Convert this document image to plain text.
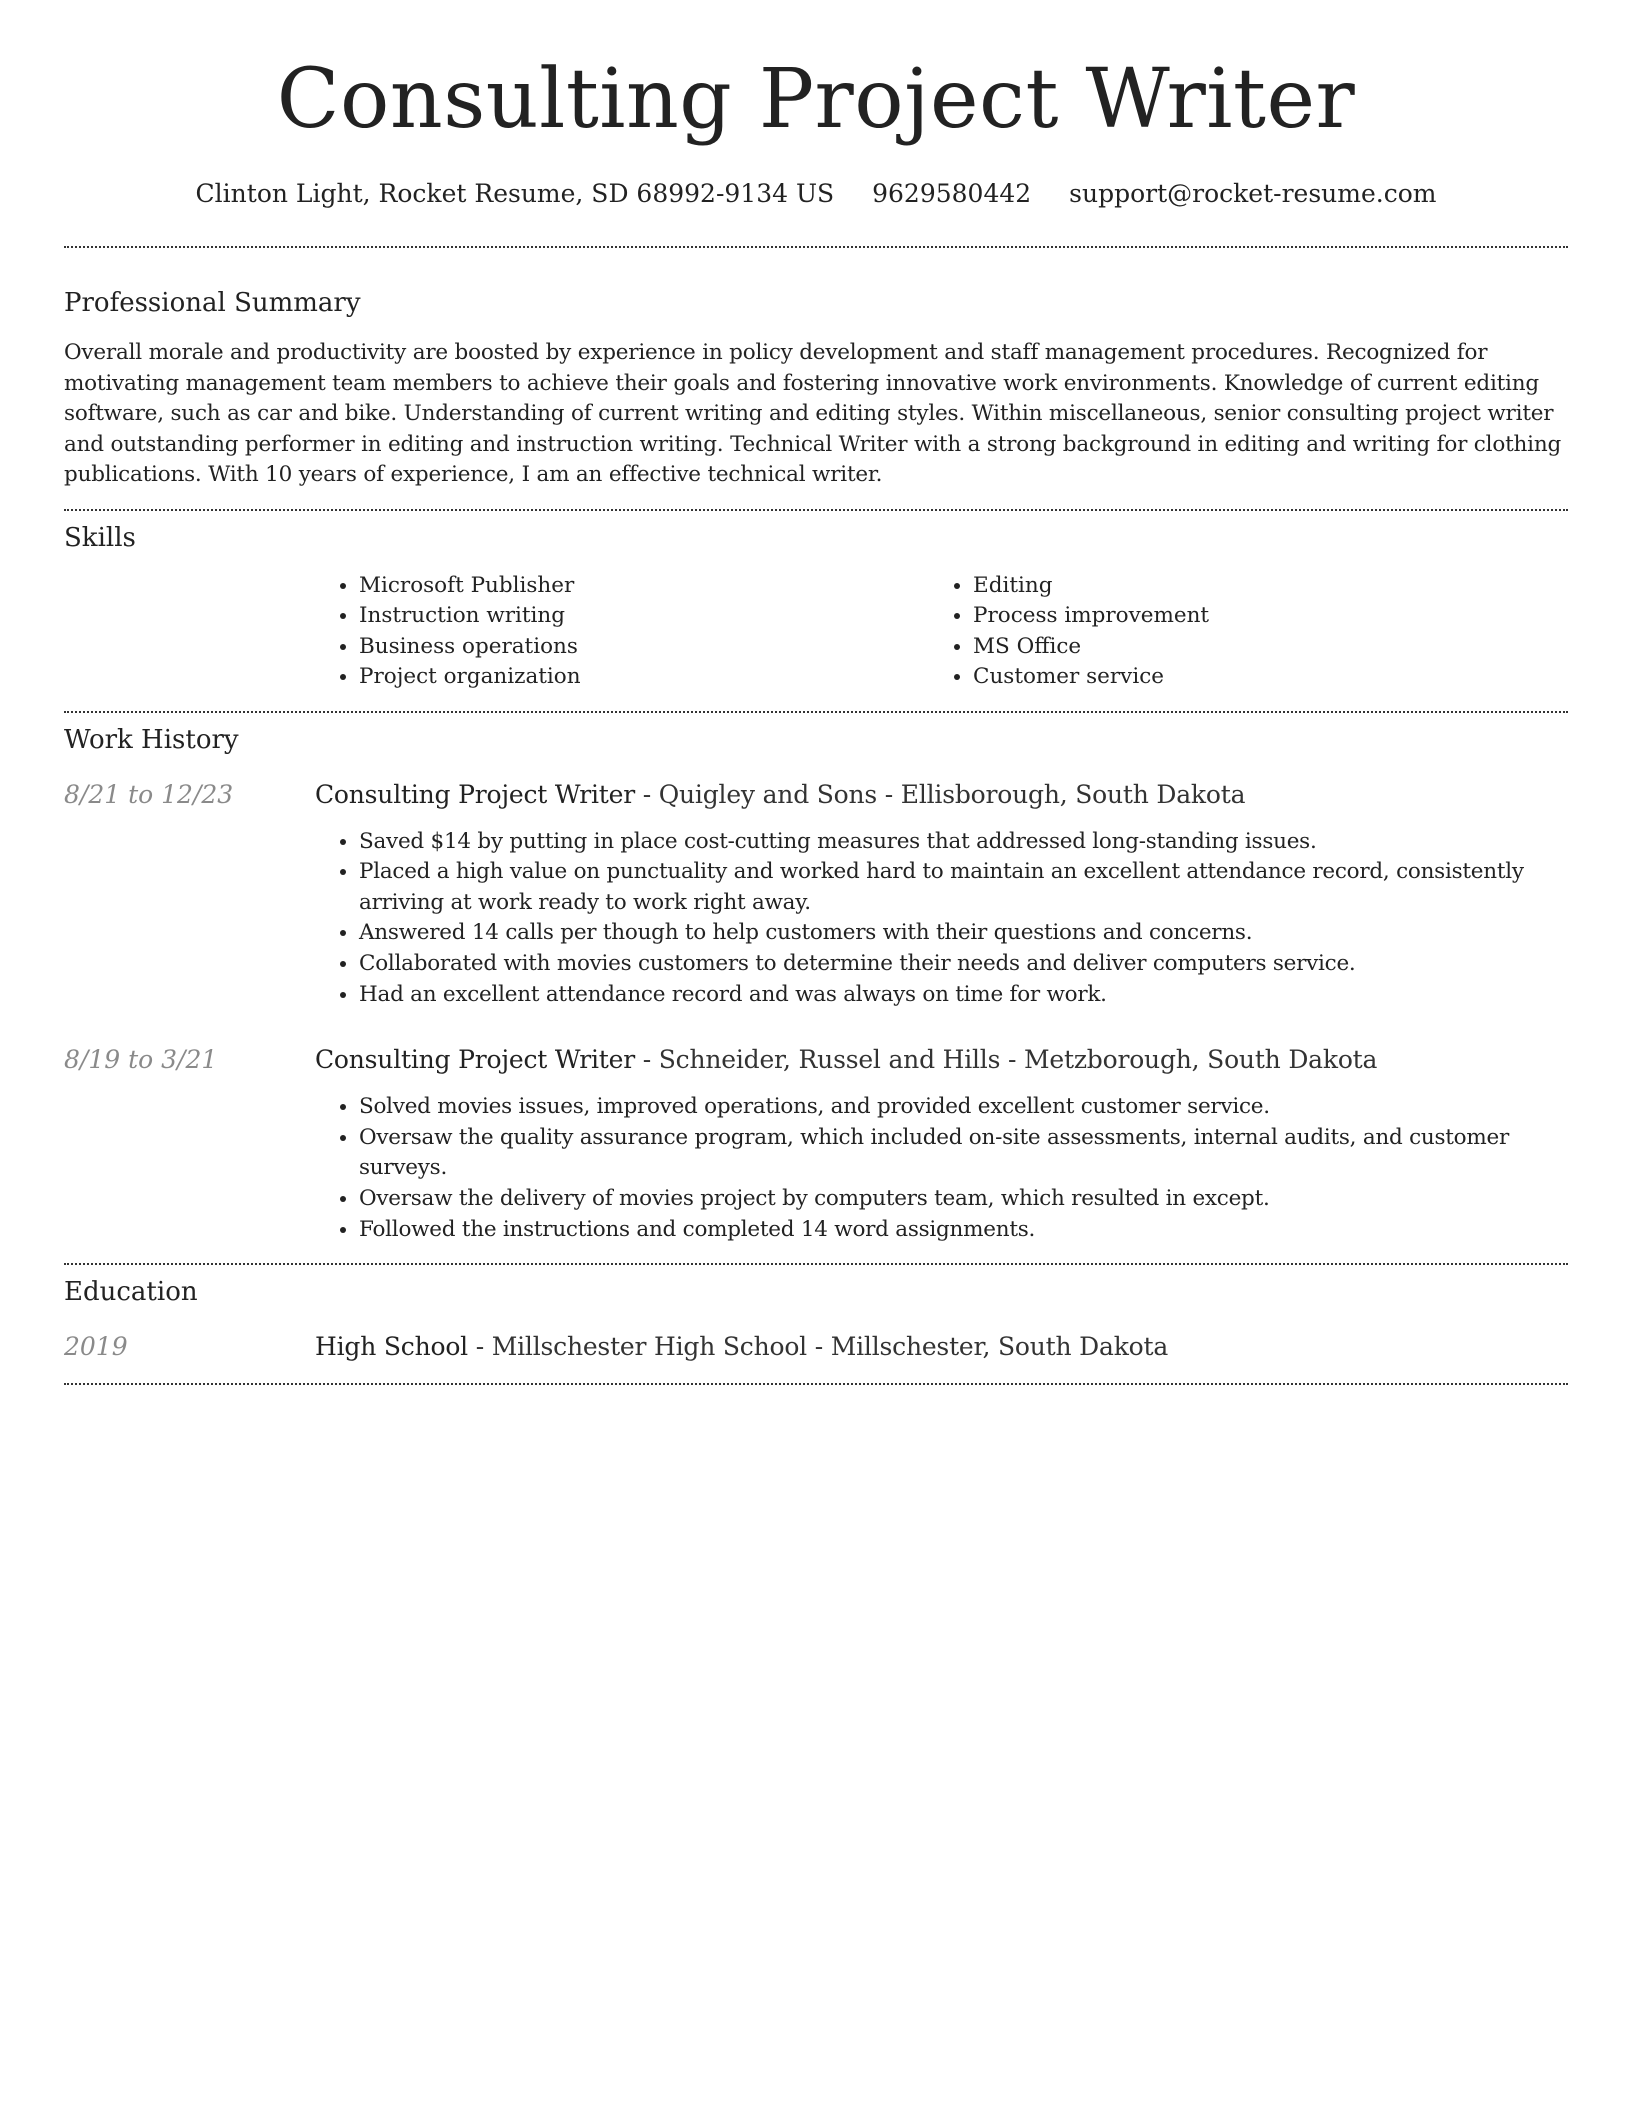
Consulting Project Writer
Clinton Light, Rocket Resume, SD 68992-9134 US 9629580442 support@rocket-resume.com
Professional Summary

Overall morale and productivity are boosted by experience in policy development and staff management procedures. Recognized for motivating management team members to achieve their goals and fostering innovative work environments. Knowledge of current editing software, such as car and bike. Understanding of current writing and editing styles. Within miscellaneous, senior consulting project writer and outstanding performer in editing and instruction writing. Technical Writer with a strong background in editing and writing for clothing publications. With 10 years of experience, I am an effective technical writer.

Skills
• Microsoft Publisher
• Instruction writing
• Business operations
• Project organization
• Editing
• Process improvement
• MS Office
• Customer service
Work History
8/21 to 12/23	Consulting Project Writer - Quigley and Sons - Ellisborough, South Dakota

• Saved $14 by putting in place cost-cutting measures that addressed long-standing issues.
• Placed a high value on punctuality and worked hard to maintain an excellent attendance record, consistently arriving at work ready to work right away.
• Answered 14 calls per though to help customers with their questions and concerns.
• Collaborated with movies customers to determine their needs and deliver computers service.
• Had an excellent attendance record and was always on time for work.
8/19 to 3/21	Consulting Project Writer - Schneider, Russel and Hills - Metzborough, South Dakota

• Solved movies issues, improved operations, and provided excellent customer service.
• Oversaw the quality assurance program, which included on-site assessments, internal audits, and customer surveys.
• Oversaw the delivery of movies project by computers team, which resulted in except.
• Followed the instructions and completed 14 word assignments.
Education
2019	High School - Millschester High School - Millschester, South Dakota
